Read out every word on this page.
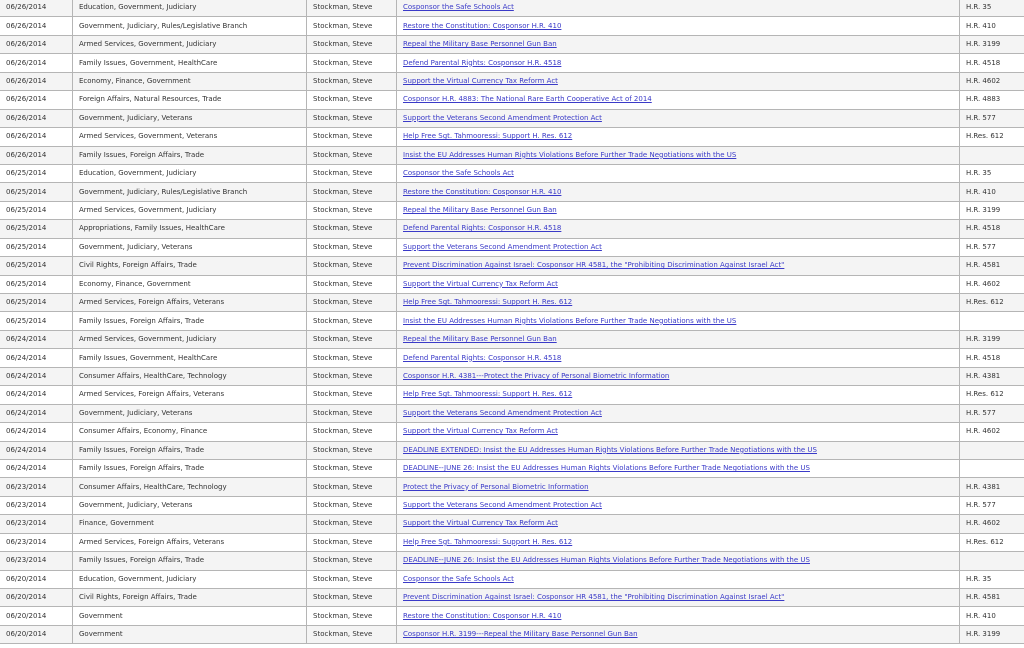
06/26/2014	Education, Government, Judiciary	Stockman, Steve	Cosponsor the Safe Schools Act	H.R. 35
06/26/2014	Government, Judiciary, Rules/Legislative Branch	Stockman, Steve	Restore the Constitution: Cosponsor H.R. 410	H.R. 410
06/26/2014	Armed Services, Government, Judiciary	Stockman, Steve	Repeal the Military Base Personnel Gun Ban	H.R. 3199
06/26/2014	Family Issues, Government, HealthCare	Stockman, Steve	Defend Parental Rights: Cosponsor H.R. 4518	H.R. 4518
06/26/2014	Economy, Finance, Government	Stockman, Steve	Support the Virtual Currency Tax Reform Act	H.R. 4602
06/26/2014	Foreign Affairs, Natural Resources, Trade	Stockman, Steve	Cosponsor H.R. 4883: The National Rare Earth Cooperative Act of 2014	H.R. 4883
06/26/2014	Government, Judiciary, Veterans	Stockman, Steve	Support the Veterans Second Amendment Protection Act	H.R. 577
06/26/2014	Armed Services, Government, Veterans	Stockman, Steve	Help Free Sgt. Tahmooressi: Support H. Res. 612	H.Res. 612
06/26/2014	Family Issues, Foreign Affairs, Trade	Stockman, Steve	Insist the EU Addresses Human Rights Violations Before Further Trade Negotiations with the US	
06/25/2014	Education, Government, Judiciary	Stockman, Steve	Cosponsor the Safe Schools Act	H.R. 35
06/25/2014	Government, Judiciary, Rules/Legislative Branch	Stockman, Steve	Restore the Constitution: Cosponsor H.R. 410	H.R. 410
06/25/2014	Armed Services, Government, Judiciary	Stockman, Steve	Repeal the Military Base Personnel Gun Ban	H.R. 3199
06/25/2014	Appropriations, Family Issues, HealthCare	Stockman, Steve	Defend Parental Rights: Cosponsor H.R. 4518	H.R. 4518
06/25/2014	Government, Judiciary, Veterans	Stockman, Steve	Support the Veterans Second Amendment Protection Act	H.R. 577
06/25/2014	Civil Rights, Foreign Affairs, Trade	Stockman, Steve	Prevent Discrimination Against Israel: Cosponsor HR 4581, the "Prohibiting Discrimination Against Israel Act"	H.R. 4581
06/25/2014	Economy, Finance, Government	Stockman, Steve	Support the Virtual Currency Tax Reform Act	H.R. 4602
06/25/2014	Armed Services, Foreign Affairs, Veterans	Stockman, Steve	Help Free Sgt. Tahmooressi: Support H. Res. 612	H.Res. 612
06/25/2014	Family Issues, Foreign Affairs, Trade	Stockman, Steve	Insist the EU Addresses Human Rights Violations Before Further Trade Negotiations with the US	
06/24/2014	Armed Services, Government, Judiciary	Stockman, Steve	Repeal the Military Base Personnel Gun Ban	H.R. 3199
06/24/2014	Family Issues, Government, HealthCare	Stockman, Steve	Defend Parental Rights: Cosponsor H.R. 4518	H.R. 4518
06/24/2014	Consumer Affairs, HealthCare, Technology	Stockman, Steve	Cosponsor H.R. 4381---Protect the Privacy of Personal Biometric Information	H.R. 4381
06/24/2014	Armed Services, Foreign Affairs, Veterans	Stockman, Steve	Help Free Sgt. Tahmooressi: Support H. Res. 612	H.Res. 612
06/24/2014	Government, Judiciary, Veterans	Stockman, Steve	Support the Veterans Second Amendment Protection Act	H.R. 577
06/24/2014	Consumer Affairs, Economy, Finance	Stockman, Steve	Support the Virtual Currency Tax Reform Act	H.R. 4602
06/24/2014	Family Issues, Foreign Affairs, Trade	Stockman, Steve	DEADLINE EXTENDED: Insist the EU Addresses Human Rights Violations Before Further Trade Negotiations with the US	
06/24/2014	Family Issues, Foreign Affairs, Trade	Stockman, Steve	DEADLINE--JUNE 26: Insist the EU Addresses Human Rights Violations Before Further Trade Negotiations with the US	
06/23/2014	Consumer Affairs, HealthCare, Technology	Stockman, Steve	Protect the Privacy of Personal Biometric Information	H.R. 4381
06/23/2014	Government, Judiciary, Veterans	Stockman, Steve	Support the Veterans Second Amendment Protection Act	H.R. 577
06/23/2014	Finance, Government	Stockman, Steve	Support the Virtual Currency Tax Reform Act	H.R. 4602
06/23/2014	Armed Services, Foreign Affairs, Veterans	Stockman, Steve	Help Free Sgt. Tahmooressi: Support H. Res. 612	H.Res. 612
06/23/2014	Family Issues, Foreign Affairs, Trade	Stockman, Steve	DEADLINE--JUNE 26: Insist the EU Addresses Human Rights Violations Before Further Trade Negotiations with the US	
06/20/2014	Education, Government, Judiciary	Stockman, Steve	Cosponsor the Safe Schools Act	H.R. 35
06/20/2014	Civil Rights, Foreign Affairs, Trade	Stockman, Steve	Prevent Discrimination Against Israel: Cosponsor HR 4581, the "Prohibiting Discrimination Against Israel Act"	H.R. 4581
06/20/2014	Government	Stockman, Steve	Restore the Constitution: Cosponsor H.R. 410	H.R. 410
06/20/2014	Government	Stockman, Steve	Cosponsor H.R. 3199---Repeal the Military Base Personnel Gun Ban	H.R. 3199
